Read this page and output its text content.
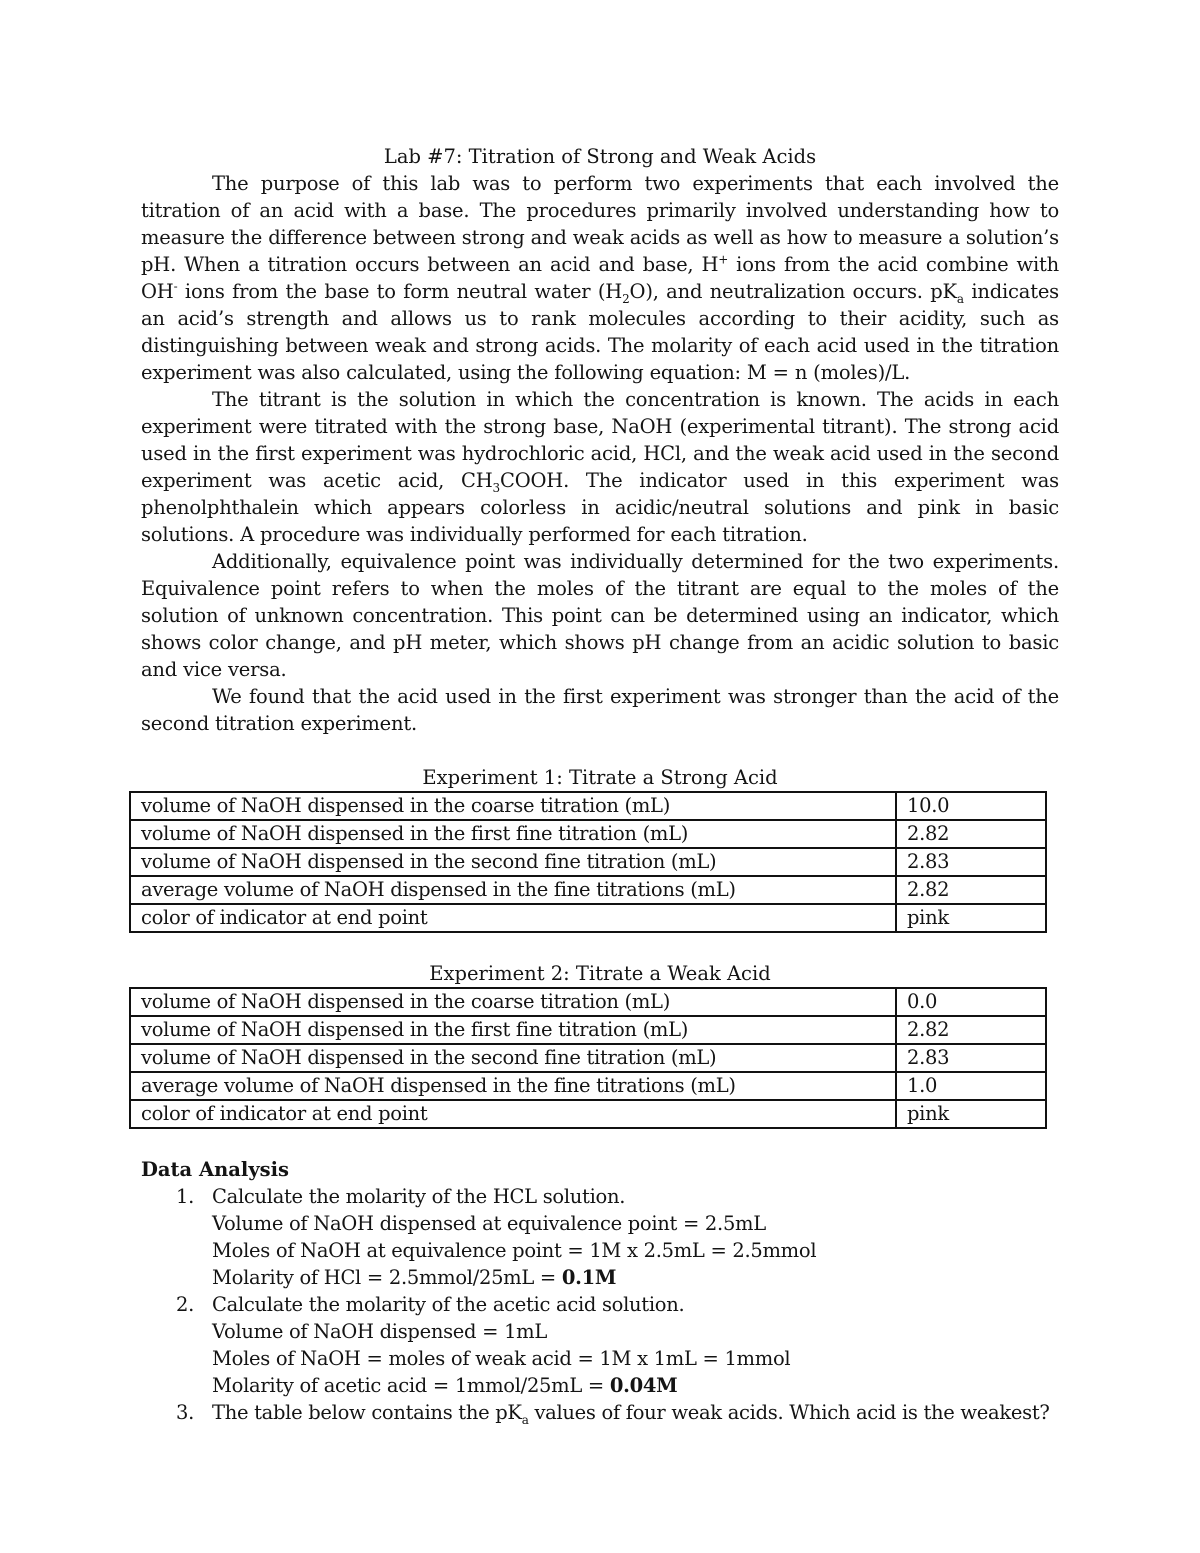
Lab #7: Titration of Strong and Weak Acids

The purpose of this lab was to perform two experiments that each involved the titration of an acid with a base. The procedures primarily involved understanding how to measure the difference between strong and weak acids as well as how to measure a solution’s pH. When a titration occurs between an acid and base, H+ ions from the acid combine with OH- ions from the base to form neutral water $(H_2O)$, and neutralization occurs. $pK_a$ indicates an acid’s strength and allows us to rank molecules according to their acidity, such as distinguishing between weak and strong acids. The molarity of each acid used in the titration experiment was also calculated, using the following equation: M = n (moles)/L.

The titrant is the solution in which the concentration is known. The acids in each experiment were titrated with the strong base, NaOH (experimental titrant). The strong acid used in the first experiment was hydrochloric acid, HCl, and the weak acid used in the second experiment was acetic acid, $CH_3COOH$. The indicator used in this experiment was phenolphthalein which appears colorless in acidic/neutral solutions and pink in basic solutions. A procedure was individually performed for each titration.

Additionally, equivalence point was individually determined for the two experiments. Equivalence point refers to when the moles of the titrant are equal to the moles of the solution of unknown concentration. This point can be determined using an indicator, which shows color change, and pH meter, which shows pH change from an acidic solution to basic and vice versa.

We found that the acid used in the first experiment was stronger than the acid of the second titration experiment.

Experiment 1: Titrate a Strong Acid

volume of NaOH dispensed in the coarse titration (mL)	10.0
volume of NaOH dispensed in the first fine titration (mL)	2.82
volume of NaOH dispensed in the second fine titration (mL)	2.83
average volume of NaOH dispensed in the fine titrations (mL)	2.82
color of indicator at end point	pink

Experiment 2: Titrate a Weak Acid

volume of NaOH dispensed in the coarse titration (mL)	0.0
volume of NaOH dispensed in the first fine titration (mL)	2.82
volume of NaOH dispensed in the second fine titration (mL)	2.83
average volume of NaOH dispensed in the fine titrations (mL)	1.0
color of indicator at end point	pink

Data Analysis

1. Calculate the molarity of the HCL solution.
Volume of NaOH dispensed at equivalence point = 2.5mL
Moles of NaOH at equivalence point = 1M x 2.5mL = 2.5mmol
Molarity of HCl = 2.5mmol/25mL = 0.1M
2. Calculate the molarity of the acetic acid solution.
Volume of NaOH dispensed = 1mL
Moles of NaOH = moles of weak acid = 1M x 1mL = 1mmol
Molarity of acetic acid = 1mmol/25mL = 0.04M
3. The table below contains the $pK_a$ values of four weak acids. Which acid is the weakest?
